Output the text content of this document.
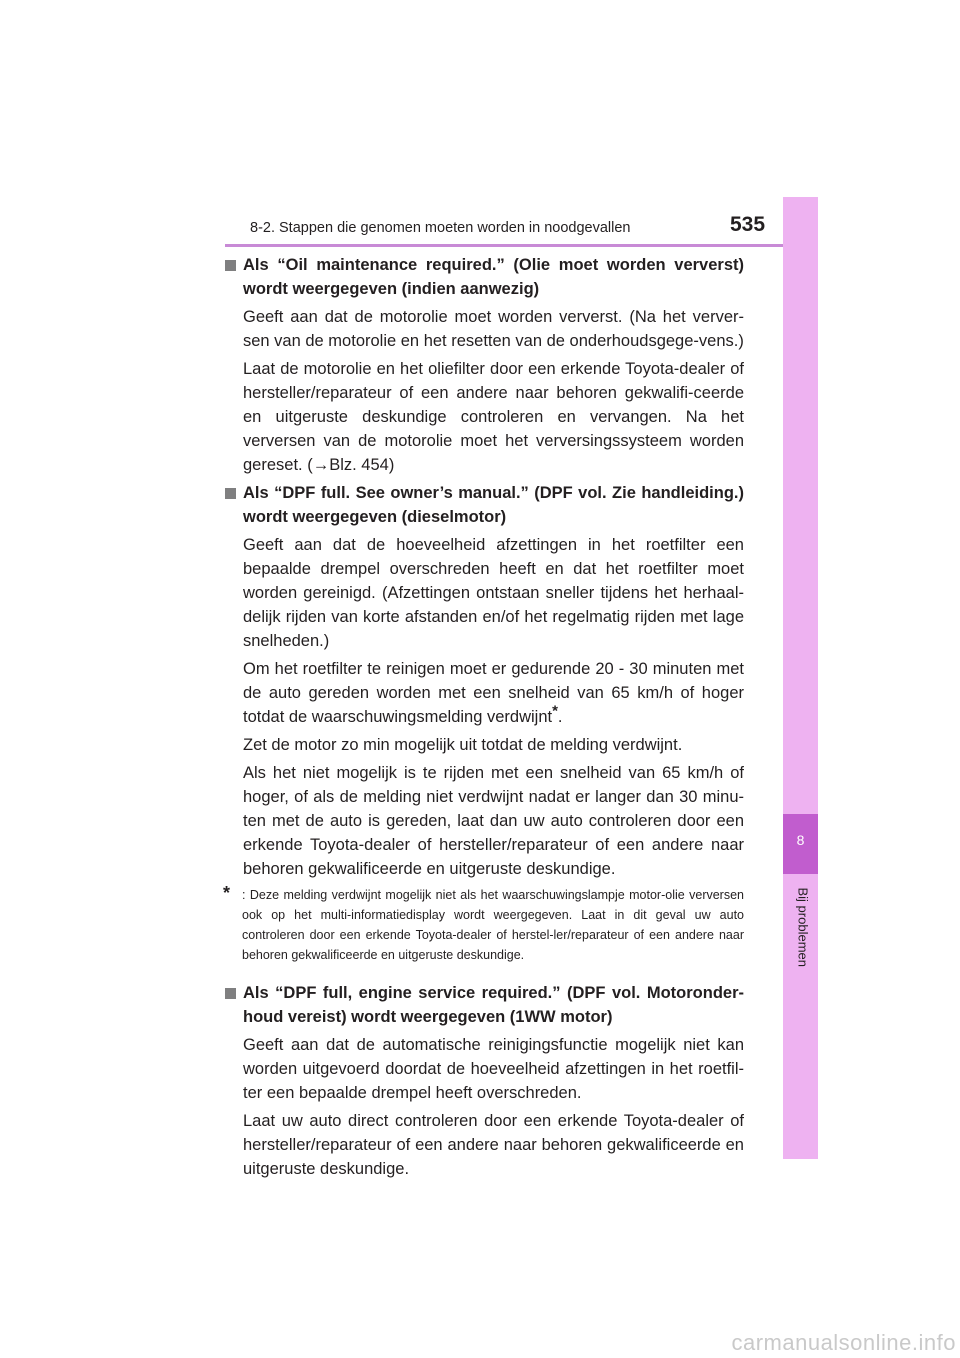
8-2. Stappen die genomen moeten worden in noodgevallen	535
8
Bij problemen

Als “Oil maintenance required.” (Olie moet worden ververst) wordt weergegeven (indien aanwezig)

Geeft aan dat de motorolie moet worden ververst. (Na het verver-sen van de motorolie en het resetten van de onderhoudsgege-vens.)

Laat de motorolie en het oliefilter door een erkende Toyota-dealer of hersteller/reparateur of een andere naar behoren gekwalifi-ceerde en uitgeruste deskundige controleren en vervangen. Na het verversen van de motorolie moet het verversingssysteem worden gereset. (→Blz. 454)

Als “DPF full. See owner’s manual.” (DPF vol. Zie handleiding.) wordt weergegeven (dieselmotor)

Geeft aan dat de hoeveelheid afzettingen in het roetfilter een bepaalde drempel overschreden heeft en dat het roetfilter moet worden gereinigd. (Afzettingen ontstaan sneller tijdens het herhaal-delijk rijden van korte afstanden en/of het regelmatig rijden met lage snelheden.)

Om het roetfilter te reinigen moet er gedurende 20 - 30 minuten met de auto gereden worden met een snelheid van 65 km/h of hoger totdat de waarschuwingsmelding verdwijnt*.

Zet de motor zo min mogelijk uit totdat de melding verdwijnt.

Als het niet mogelijk is te rijden met een snelheid van 65 km/h of hoger, of als de melding niet verdwijnt nadat er langer dan 30 minu-ten met de auto is gereden, laat dan uw auto controleren door een erkende Toyota-dealer of hersteller/reparateur of een andere naar behoren gekwalificeerde en uitgeruste deskundige.

* : Deze melding verdwijnt mogelijk niet als het waarschuwingslampje motor-olie verversen ook op het multi-informatiedisplay wordt weergegeven. Laat in dit geval uw auto controleren door een erkende Toyota-dealer of herstel-ler/reparateur of een andere naar behoren gekwalificeerde en uitgeruste deskundige.

Als “DPF full, engine service required.” (DPF vol. Motoronder-houd vereist) wordt weergegeven (1WW motor)

Geeft aan dat de automatische reinigingsfunctie mogelijk niet kan worden uitgevoerd doordat de hoeveelheid afzettingen in het roetfil-ter een bepaalde drempel heeft overschreden.

Laat uw auto direct controleren door een erkende Toyota-dealer of hersteller/reparateur of een andere naar behoren gekwalificeerde en uitgeruste deskundige.

carmanualsonline.info
